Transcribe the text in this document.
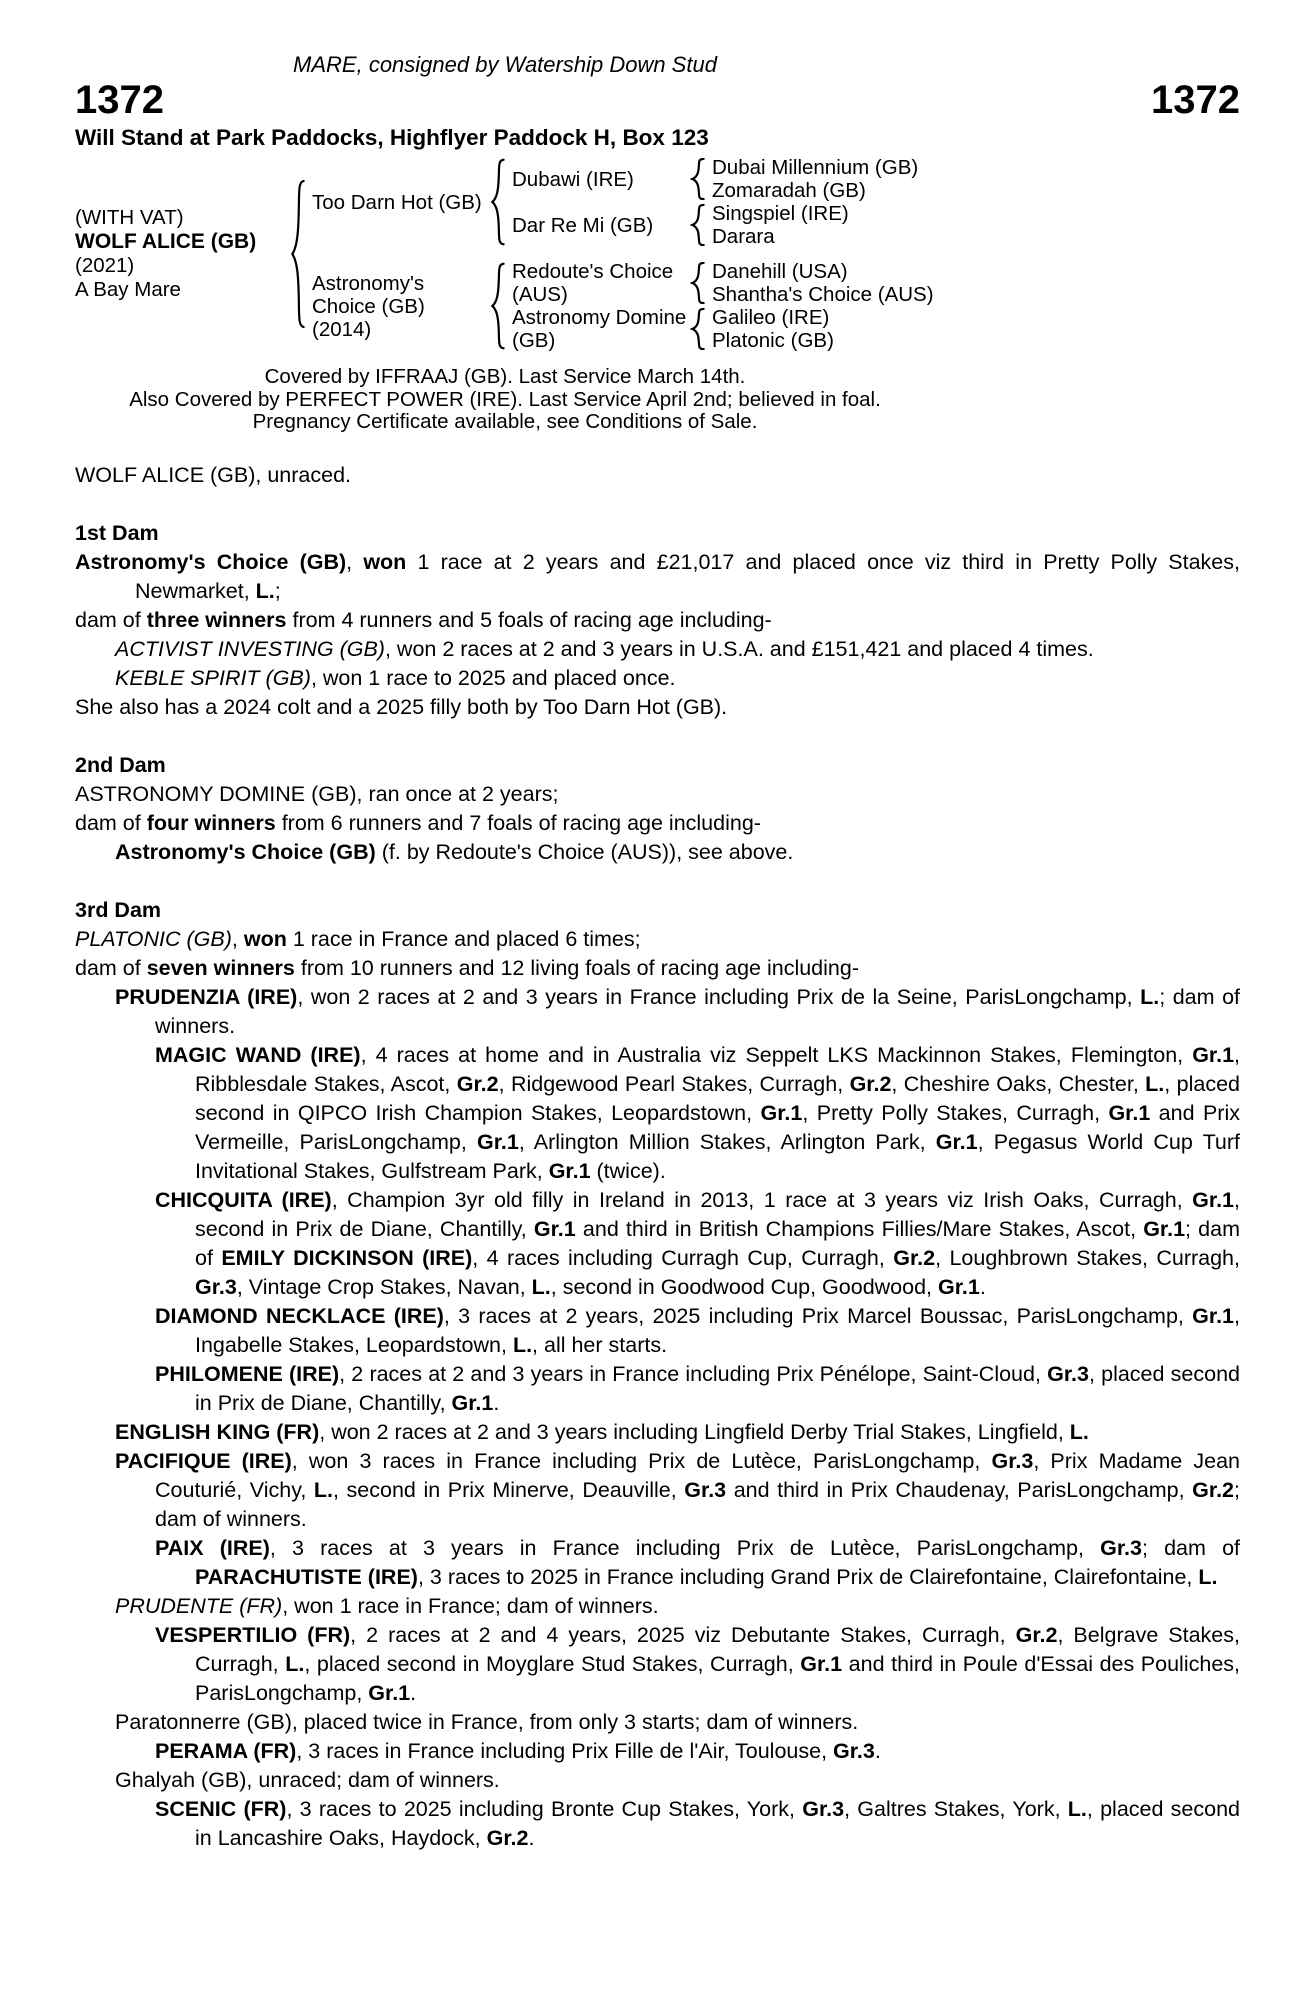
MARE, consigned by Watership Down Stud
1372	1372
Will Stand at Park Paddocks, Highflyer Paddock H, Box 123
(WITH VAT)
WOLF ALICE (GB)
(2021)
A Bay Mare
Too Darn Hot (GB)
Dubawi (IRE)	Dubai Millennium (GB)
Zomaradah (GB)
Dar Re Mi (GB)	Singspiel (IRE)
Darara
Astronomy's Choice (GB)
(2014)
Redoute's Choice (AUS)
Danehill (USA)
Shantha's Choice (AUS)
Astronomy Domine (GB)
Galileo (IRE)
Platonic (GB)
Covered by IFFRAAJ (GB). Last Service March 14th.
Also Covered by PERFECT POWER (IRE). Last Service April 2nd; believed in foal.
Pregnancy Certificate available, see Conditions of Sale.
WOLF ALICE (GB), unraced.
1st Dam
Astronomy's Choice (GB), won 1 race at 2 years and £21,017 and placed once viz third in Pretty Polly Stakes, Newmarket, L.;
dam of three winners from 4 runners and 5 foals of racing age including-
ACTIVIST INVESTING (GB), won 2 races at 2 and 3 years in U.S.A. and £151,421 and placed 4 times.
KEBLE SPIRIT (GB), won 1 race to 2025 and placed once.
She also has a 2024 colt and a 2025 filly both by Too Darn Hot (GB).
2nd Dam
ASTRONOMY DOMINE (GB), ran once at 2 years;
dam of four winners from 6 runners and 7 foals of racing age including-
Astronomy's Choice (GB) (f. by Redoute's Choice (AUS)), see above.
3rd Dam
PLATONIC (GB), won 1 race in France and placed 6 times;
dam of seven winners from 10 runners and 12 living foals of racing age including-
PRUDENZIA (IRE), won 2 races at 2 and 3 years in France including Prix de la Seine, ParisLongchamp, L.; dam of winners.
MAGIC WAND (IRE), 4 races at home and in Australia viz Seppelt LKS Mackinnon Stakes, Flemington, Gr.1, Ribblesdale Stakes, Ascot, Gr.2, Ridgewood Pearl Stakes, Curragh, Gr.2, Cheshire Oaks, Chester, L., placed second in QIPCO Irish Champion Stakes, Leopardstown, Gr.1, Pretty Polly Stakes, Curragh, Gr.1 and Prix Vermeille, ParisLongchamp, Gr.1, Arlington Million Stakes, Arlington Park, Gr.1, Pegasus World Cup Turf Invitational Stakes, Gulfstream Park, Gr.1 (twice).
CHICQUITA (IRE), Champion 3yr old filly in Ireland in 2013, 1 race at 3 years viz Irish Oaks, Curragh, Gr.1, second in Prix de Diane, Chantilly, Gr.1 and third in British Champions Fillies/Mare Stakes, Ascot, Gr.1; dam of EMILY DICKINSON (IRE), 4 races including Curragh Cup, Curragh, Gr.2, Loughbrown Stakes, Curragh, Gr.3, Vintage Crop Stakes, Navan, L., second in Goodwood Cup, Goodwood, Gr.1.
DIAMOND NECKLACE (IRE), 3 races at 2 years, 2025 including Prix Marcel Boussac, ParisLongchamp, Gr.1, Ingabelle Stakes, Leopardstown, L., all her starts.
PHILOMENE (IRE), 2 races at 2 and 3 years in France including Prix Pénélope, Saint-Cloud, Gr.3, placed second in Prix de Diane, Chantilly, Gr.1.
ENGLISH KING (FR), won 2 races at 2 and 3 years including Lingfield Derby Trial Stakes, Lingfield, L.
PACIFIQUE (IRE), won 3 races in France including Prix de Lutèce, ParisLongchamp, Gr.3, Prix Madame Jean Couturié, Vichy, L., second in Prix Minerve, Deauville, Gr.3 and third in Prix Chaudenay, ParisLongchamp, Gr.2; dam of winners.
PAIX (IRE), 3 races at 3 years in France including Prix de Lutèce, ParisLongchamp, Gr.3; dam of PARACHUTISTE (IRE), 3 races to 2025 in France including Grand Prix de Clairefontaine, Clairefontaine, L.
PRUDENTE (FR), won 1 race in France; dam of winners.
VESPERTILIO (FR), 2 races at 2 and 4 years, 2025 viz Debutante Stakes, Curragh, Gr.2, Belgrave Stakes, Curragh, L., placed second in Moyglare Stud Stakes, Curragh, Gr.1 and third in Poule d'Essai des Pouliches, ParisLongchamp, Gr.1.
Paratonnerre (GB), placed twice in France, from only 3 starts; dam of winners.
PERAMA (FR), 3 races in France including Prix Fille de l'Air, Toulouse, Gr.3.
Ghalyah (GB), unraced; dam of winners.
SCENIC (FR), 3 races to 2025 including Bronte Cup Stakes, York, Gr.3, Galtres Stakes, York, L., placed second in Lancashire Oaks, Haydock, Gr.2.
